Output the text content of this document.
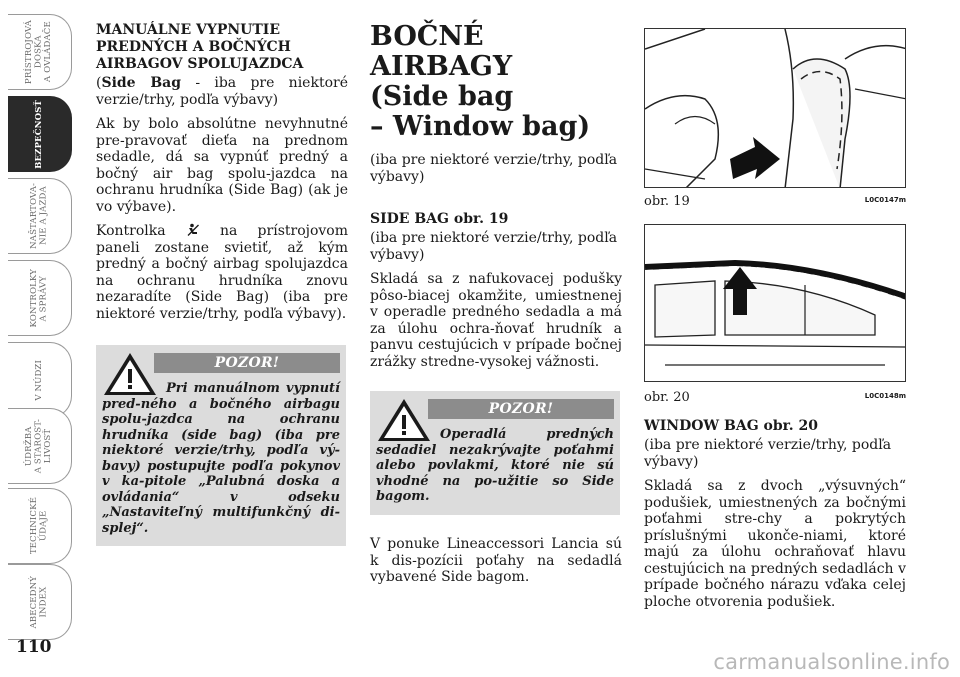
PRÍSTROJOVÁ
DOSKA
A OVLÁDAČE
BEZPEČNOSŤ
NAŠTARTOVA-
NIE A JAZDA
KONTROLKY
A SPRÁVY
V NÚDZI
ÚDRŽBA
A STAROST-
LIVOSŤ
TECHNICKÉ
ÚDAJE
ABECEDNÝ
INDEX
110
MANUÁLNE VYPNUTIE PREDNÝCH A BOČNÝCH AIRBAGOV SPOLUJAZDCA
(Side Bag - iba pre niektoré verzie/trhy, podľa výbavy)

Ak by bolo absolútne nevyhnutné pre-pravovať dieťa na prednom sedadle, dá sa vypnúť predný a bočný air bag spolu-jazdca na ochranu hrudníka (Side Bag) (ak je vo výbave).

Kontrolka	na prístrojovom paneli zostane svietiť, až kým predný a bočný airbag spolujazdca na ochranu hrudníka znovu nezaradíte (Side Bag) (iba pre niektoré verzie/trhy, podľa výbavy).

POZOR!
Pri manuálnom vypnutí pred-ného a bočného airbagu spolu-jazdca na ochranu hrudníka (side bag) (iba pre niektoré verzie/trhy, podľa vý-bavy) postupujte podľa pokynov v ka-pitole „Palubná doska a ovládania“ v odseku „Nastaviteľný multifunkčný di-splej“.
BOČNÉ AIRBAGY
(Side bag
– Window bag)

(iba pre niektoré verzie/trhy, podľa výbavy)

SIDE BAG obr. 19

(iba pre niektoré verzie/trhy, podľa výbavy)

Skladá sa z nafukovacej podušky pôso-biacej okamžite, umiestnenej v operadle predného sedadla a má za úlohu ochra-ňovať hrudník a panvu cestujúcich v prípade bočnej zrážky stredne-vysokej vážnosti.

POZOR!
Operadlá predných sedadiel nezakrývajte poťahmi alebo povlakmi, ktoré nie sú vhodné na po-užitie so Side bagom.

V ponuke Lineaccessori Lancia sú k dis-pozícii poťahy na sedadlá vybavené Side bagom.

obr. 19	L0C0147m
obr. 20	L0C0148m
WINDOW BAG obr. 20

(iba pre niektoré verzie/trhy, podľa výbavy)

Skladá sa z dvoch „výsuvných“ podušiek, umiestnených za bočnými poťahmi stre-chy a pokrytých príslušnými ukonče-niami, ktoré majú za úlohu ochraňovať hlavu cestujúcich na predných sedadlách v prípade bočného nárazu vďaka celej ploche otvorenia podušiek.

carmanualsonline.info
